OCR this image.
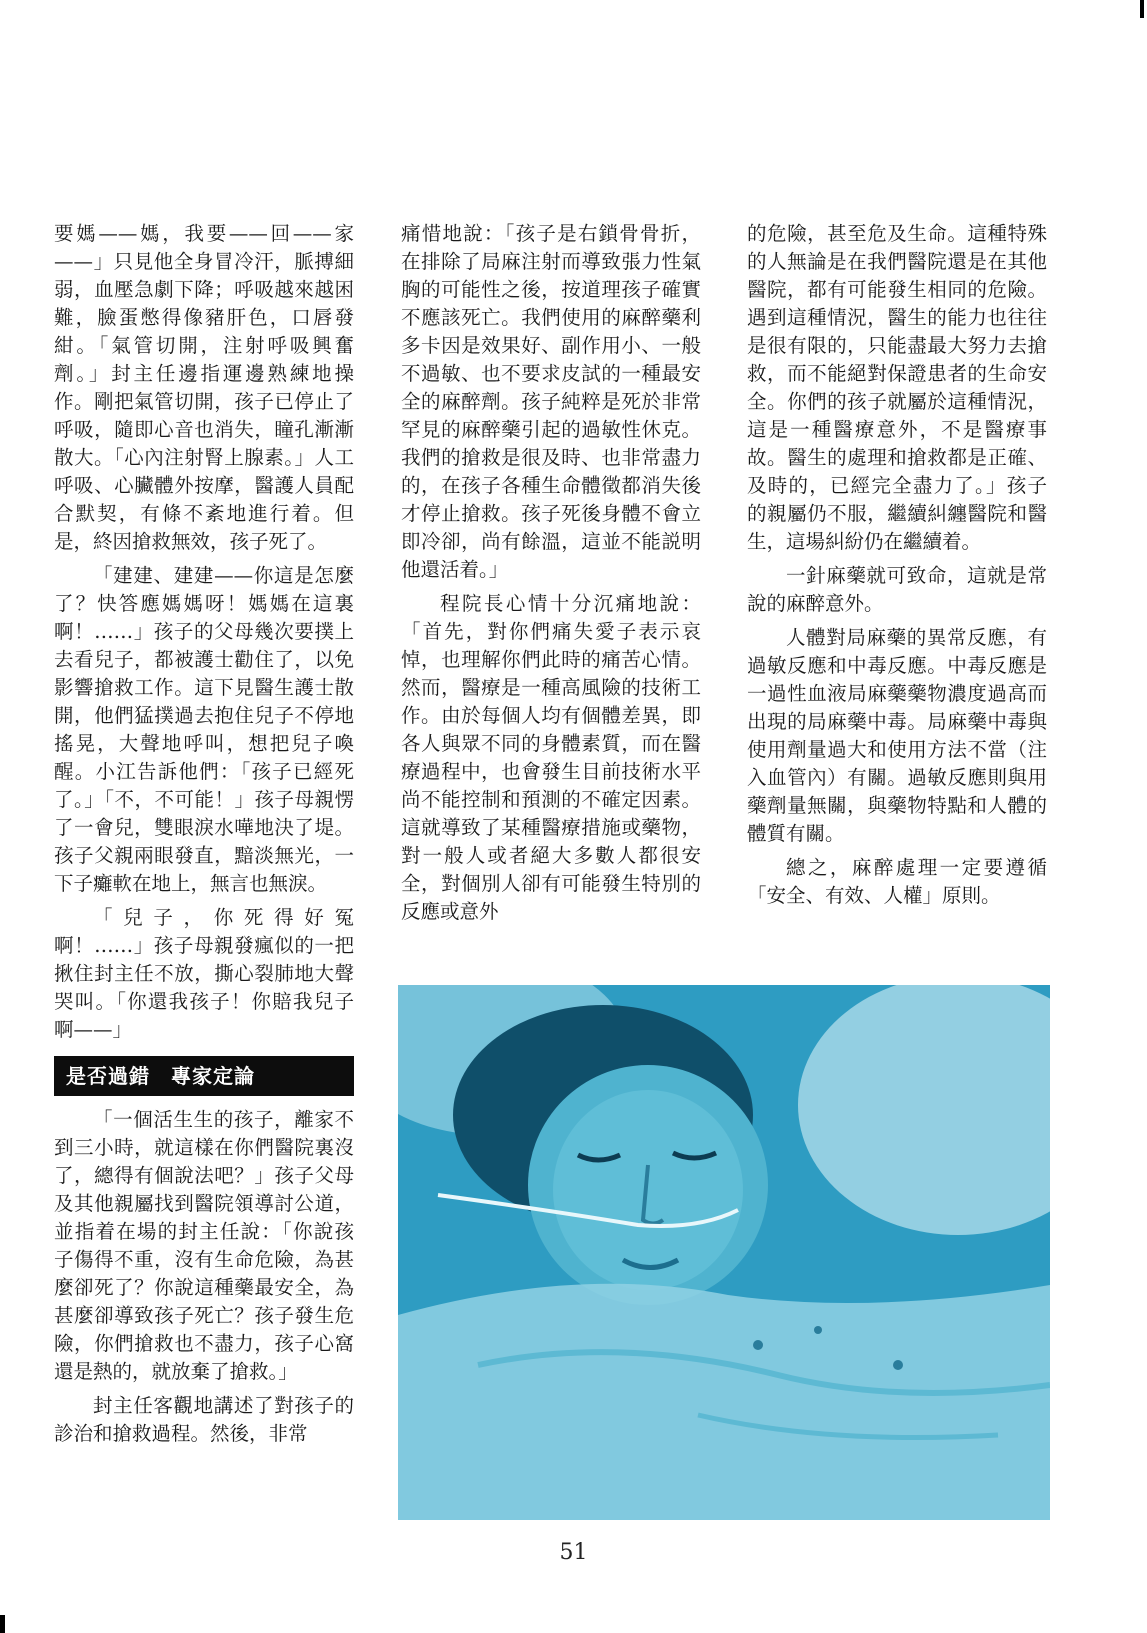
要媽——媽，我要——回——家——」只見他全身冒冷汗，脈搏細弱，血壓急劇下降；呼吸越來越困難，臉蛋憋得像豬肝色，口唇發紺。「氣管切開，注射呼吸興奮劑。」封主任邊指運邊熟練地操作。剛把氣管切開，孩子已停止了呼吸，隨即心音也消失，瞳孔漸漸散大。「心內注射腎上腺素。」人工呼吸、心臟體外按摩，醫護人員配合默契，有條不紊地進行着。但是，終因搶救無效，孩子死了。

「建建、建建——你這是怎麼了？快答應媽媽呀！媽媽在這裏啊！……」孩子的父母幾次要撲上去看兒子，都被護士勸住了，以免影響搶救工作。這下見醫生護士散開，他們猛撲過去抱住兒子不停地搖晃，大聲地呼叫，想把兒子喚醒。小江告訴他們：「孩子已經死了。」「不，不可能！」孩子母親愣了一會兒，雙眼淚水嘩地決了堤。孩子父親兩眼發直，黯淡無光，一下子癱軟在地上，無言也無淚。

「兒子，你死得好冤啊！……」孩子母親發瘋似的一把揪住封主任不放，撕心裂肺地大聲哭叫。「你還我孩子！你賠我兒子啊——」

是否過錯　專家定論

「一個活生生的孩子，離家不到三小時，就這樣在你們醫院裏沒了，總得有個說法吧？」孩子父母及其他親屬找到醫院領導討公道，並指着在場的封主任說：「你說孩子傷得不重，沒有生命危險，為甚麼卻死了？你說這種藥最安全，為甚麼卻導致孩子死亡？孩子發生危險，你們搶救也不盡力，孩子心窩還是熱的，就放棄了搶救。」

封主任客觀地講述了對孩子的診治和搶救過程。然後，非常

痛惜地說：「孩子是右鎖骨骨折，在排除了局麻注射而導致張力性氣胸的可能性之後，按道理孩子確實不應該死亡。我們使用的麻醉藥利多卡因是效果好、副作用小、一般不過敏、也不要求皮試的一種最安全的麻醉劑。孩子純粹是死於非常罕見的麻醉藥引起的過敏性休克。我們的搶救是很及時、也非常盡力的，在孩子各種生命體徵都消失後才停止搶救。孩子死後身體不會立即冷卻，尚有餘溫，這並不能説明他還活着。」

程院長心情十分沉痛地說：「首先，對你們痛失愛子表示哀悼，也理解你們此時的痛苦心情。然而，醫療是一種高風險的技術工作。由於每個人均有個體差異，即各人與眾不同的身體素質，而在醫療過程中，也會發生目前技術水平尚不能控制和預測的不確定因素。這就導致了某種醫療措施或藥物，對一般人或者絕大多數人都很安全，對個別人卻有可能發生特別的反應或意外

的危險，甚至危及生命。這種特殊的人無論是在我們醫院還是在其他醫院，都有可能發生相同的危險。遇到這種情況，醫生的能力也往往是很有限的，只能盡最大努力去搶救，而不能絕對保證患者的生命安全。你們的孩子就屬於這種情況，這是一種醫療意外，不是醫療事故。醫生的處理和搶救都是正確、及時的，已經完全盡力了。」孩子的親屬仍不服，繼續糾纏醫院和醫生，這場糾紛仍在繼續着。

一針麻藥就可致命，這就是常說的麻醉意外。

人體對局麻藥的異常反應，有過敏反應和中毒反應。中毒反應是一過性血液局麻藥藥物濃度過高而出現的局麻藥中毒。局麻藥中毒與使用劑量過大和使用方法不當（注入血管內）有關。過敏反應則與用藥劑量無關，與藥物特點和人體的體質有關。

總之，麻醉處理一定要遵循「安全、有效、人權」原則。

51
